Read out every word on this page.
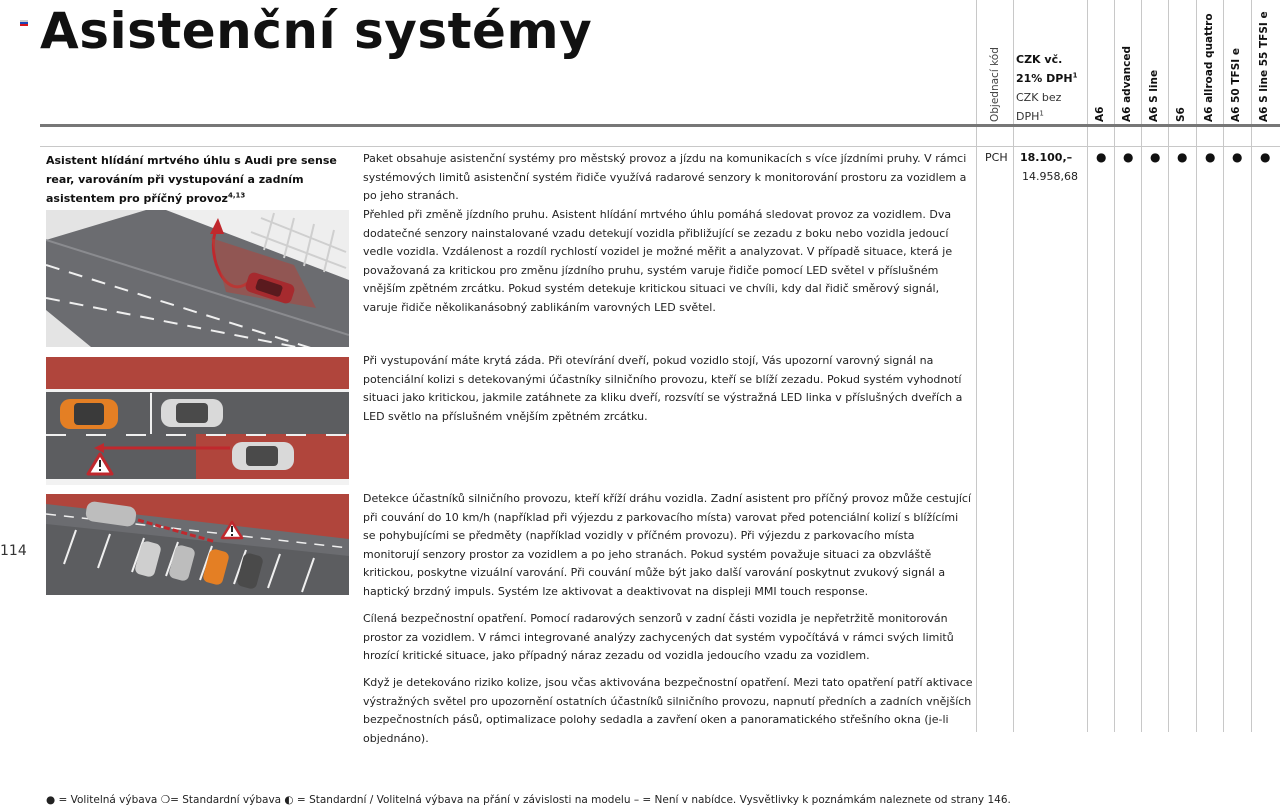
Asistenční systémy
Objednací kód CZK vč. 21% DPH$^1$
CZK bez DPH$^1$	A6 A6 advanced A6 S line S6 A6 allroad quattro A6 50 TFSI e A6 S line 55 TFSI e
Asistent hlídání mrtvého úhlu s Audi pre sense rear, varováním při vystupování a zadním asistentem pro příčný provoz$^{4,13}$

Paket obsahuje asistenční systémy pro městský provoz a jízdu na komunikacích s více jízdními pruhy. V rámci systémových limitů asistenční systém řidiče využívá radarové senzory k monitorování prostoru za vozidlem a po jeho stranách.

Přehled při změně jízdního pruhu. Asistent hlídání mrtvého úhlu pomáhá sledovat provoz za vozidlem. Dva dodatečné senzory nainstalované vzadu detekují vozidla přibližující se zezadu z boku nebo vozidla jedoucí vedle vozidla. Vzdálenost a rozdíl rychlostí vozidel je možné měřit a analyzovat. V případě situace, která je považovaná za kritickou pro změnu jízdního pruhu, systém varuje řidiče pomocí LED světel v příslušném vnějším zpětném zrcátku. Pokud systém detekuje kritickou situaci ve chvíli, kdy dal řidič směrový signál, varuje řidiče několikanásobný zablikáním varovných LED světel.

Při vystupování máte krytá záda. Při otevírání dveří, pokud vozidlo stojí, Vás upozorní varovný signál na potenciální kolizi s detekovanými účastníky silničního provozu, kteří se blíží zezadu. Pokud systém vyhodnotí situaci jako kritickou, jakmile zatáhnete za kliku dveří, rozsvítí se výstražná LED linka v příslušných dveřích a LED světlo na příslušném vnějším zpětném zrcátku.

Detekce účastníků silničního provozu, kteří kříží dráhu vozidla. Zadní asistent pro příčný provoz může cestující při couvání do 10 km/h (například při výjezdu z parkovacího místa) varovat před potenciální kolizí s blížícími se pohybujícími se předměty (například vozidly v příčném provozu). Při výjezdu z parkovacího místa monitorují senzory prostor za vozidlem a po jeho stranách. Pokud systém považuje situaci za obzvláště kritickou, poskytne vizuální varování. Při couvání může být jako další varování poskytnut zvukový signál a haptický brzdný impuls. Systém lze aktivovat a deaktivovat na displeji MMI touch response.

Cílená bezpečnostní opatření. Pomocí radarových senzorů v zadní části vozidla je nepřetržitě monitorován prostor za vozidlem. V rámci integrované analýzy zachycených dat systém vypočítává v rámci svých limitů hrozící kritické situace, jako případný náraz zezadu od vozidla jedoucího vzadu za vozidlem.

Když je detekováno riziko kolize, jsou včas aktivována bezpečnostní opatření. Mezi tato opatření patří aktivace výstražných světel pro upozornění ostatních účastníků silničního provozu, napnutí předních a zadních vnějších bezpečnostních pásů, optimalizace polohy sedadla a zavření oken a panoramatického střešního okna (je-li objednáno).

PCH 18.100,–
14.958,68
● ● ● ● ● ● ●
114
● = Volitelná výbava ❍= Standardní výbava ◐ = Standardní / Volitelná výbava na přání v závislosti na modelu – = Není v nabídce. Vysvětlivky k poznámkám naleznete od strany 146.
